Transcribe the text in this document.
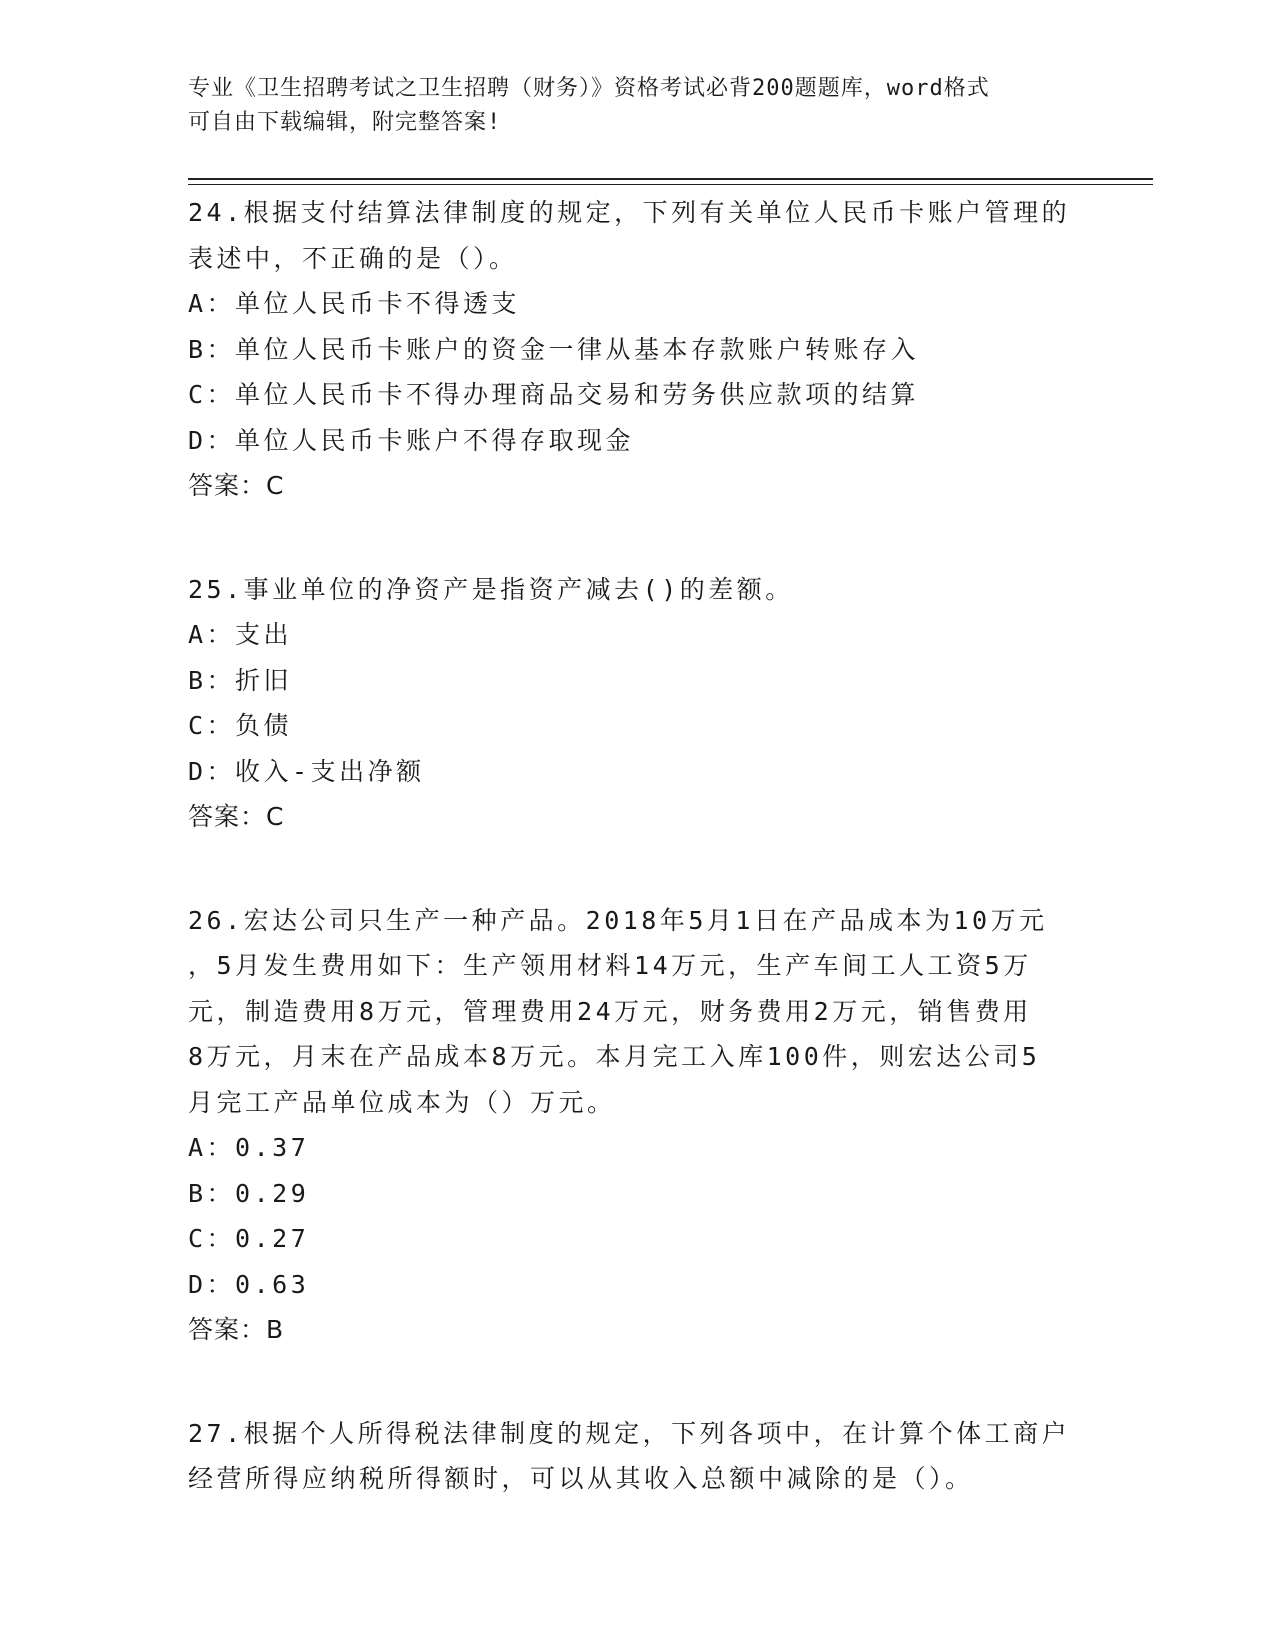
专业《卫生招聘考试之卫生招聘（财务）》资格考试必背200题题库，word格式
可自由下载编辑，附完整答案!

24.根据支付结算法律制度的规定，下列有关单位人民币卡账户管理的

表述中，不正确的是（）。

A：单位人民币卡不得透支

B：单位人民币卡账户的资金一律从基本存款账户转账存入

C：单位人民币卡不得办理商品交易和劳务供应款项的结算

D：单位人民币卡账户不得存取现金

答案：C

25.事业单位的净资产是指资产减去()的差额。

A：支出

B：折旧

C：负债

D：收入-支出净额

答案：C

26.宏达公司只生产一种产品。2018年5月1日在产品成本为10万元

，5月发生费用如下：生产领用材料14万元，生产车间工人工资5万

元，制造费用8万元，管理费用24万元，财务费用2万元，销售费用

8万元，月末在产品成本8万元。本月完工入库100件，则宏达公司5

月完工产品单位成本为（）万元。

A：0.37

B：0.29

C：0.27

D：0.63

答案：B

27.根据个人所得税法律制度的规定，下列各项中，在计算个体工商户

经营所得应纳税所得额时，可以从其收入总额中减除的是（）。
